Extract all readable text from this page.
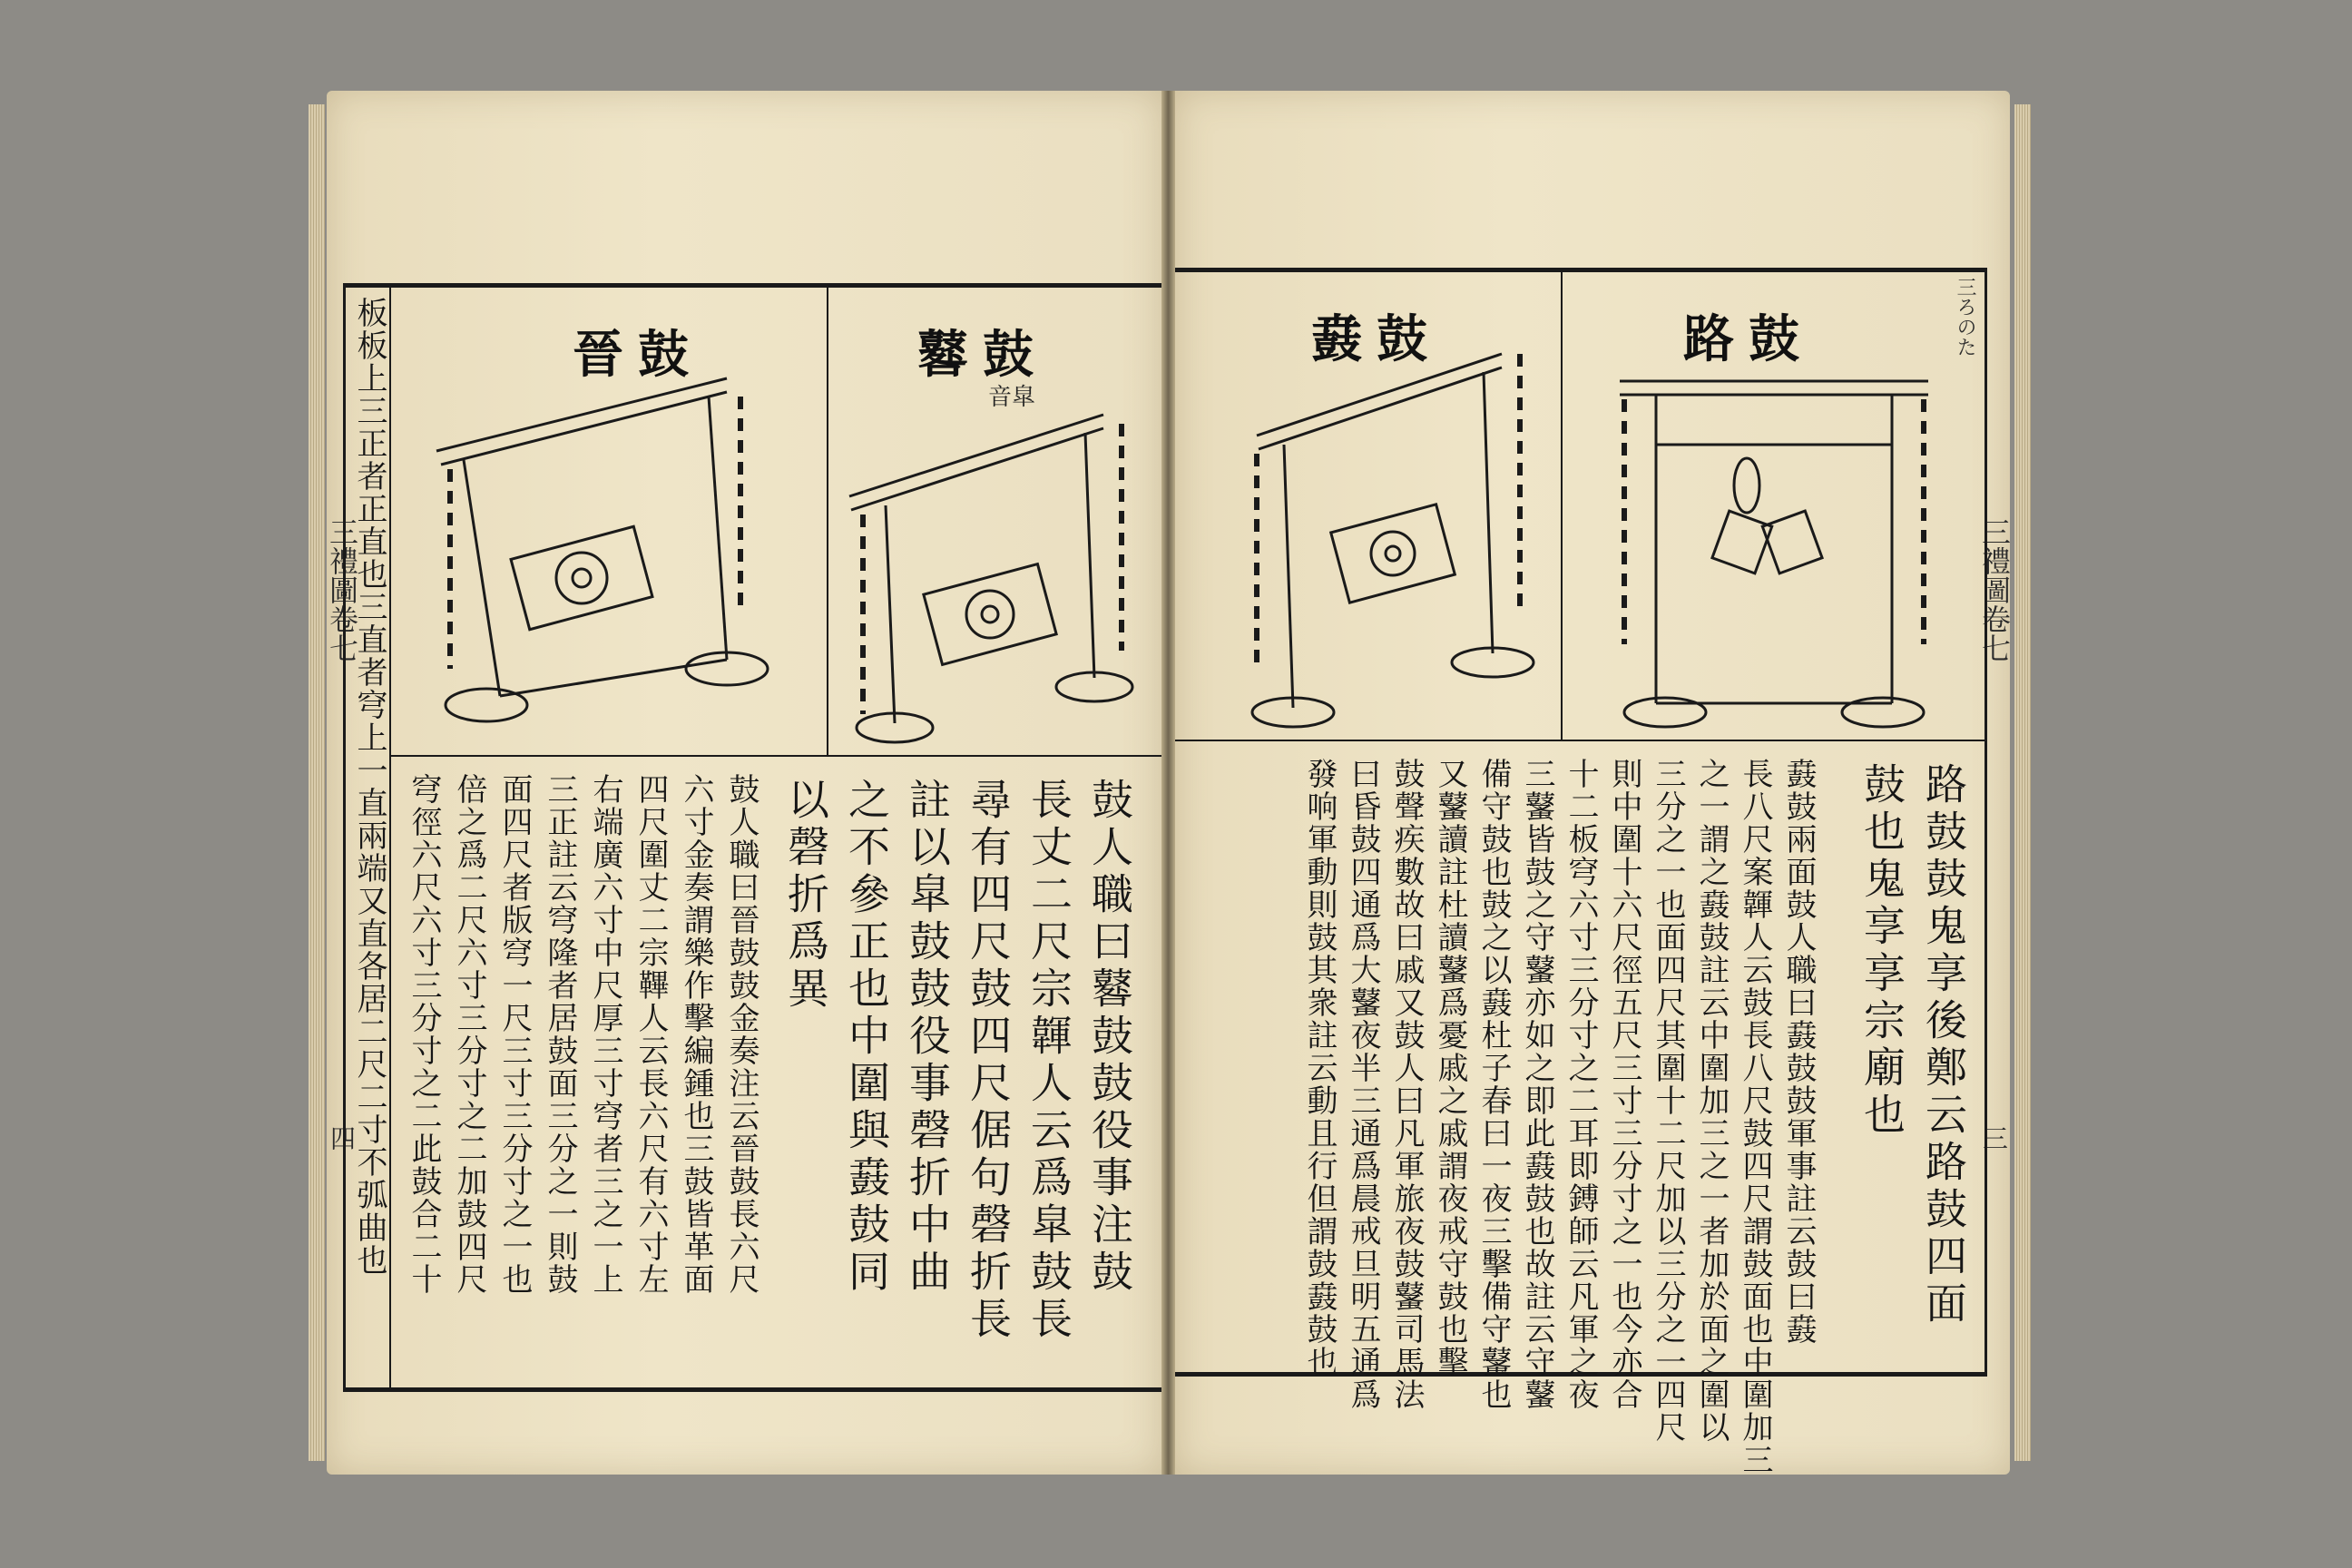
三禮圖卷七
四
晉鼓	鼛鼓
音皐
板板上三正者正直也三直者穹上一直兩端又直各居二尺二寸不弧曲也 穹徑六尺六寸三分寸之二此鼓合二十 倍之爲二尺六寸三分寸之二加鼓四尺 面四尺者版穹一尺三寸三分寸之一也 三正註云穹隆者居鼓面三分之一則鼓 右端廣六寸中尺厚三寸穹者三之一上 四尺圍丈二宗鞸人云長六尺有六寸左 六寸金奏謂樂作擊編鍾也三鼓皆革面 鼓人職曰晉鼓鼓金奏注云晉鼓長六尺 以磬折爲異 之不參正也中圍與鼖鼓同 註以皐鼓鼓役事磬折中曲 尋有四尺鼓四尺倨句磬折長 長丈二尺宗韗人云爲皐鼓長 鼓人職曰鼛鼓鼓役事注鼓
三禮圖卷七
三
三ろのた
鼖鼓	路鼓
路鼓鼓鬼享後鄭云路鼓四面
鼓也鬼享享宗廟也
鼖鼓兩面鼓人職曰鼖鼓鼓軍事註云鼓曰鼖
長八尺案韗人云鼓長八尺鼓四尺謂鼓面也中圍加三
之一謂之鼖鼓註云中圍加三之一者加於面之圍以
三分之一也面四尺其圍十二尺加以三分之一四尺
則中圍十六尺徑五尺三寸三分寸之一也今亦合
十二板穹六寸三分寸之二耳即鎛師云凡軍之夜
三鼜皆鼓之守鼜亦如之即此鼖鼓也故註云守鼜
備守鼓也鼓之以鼖杜子春曰一夜三擊備守鼜也
又鼜讀註杜讀鼜爲憂戚之戚謂夜戒守鼓也擊
鼓聲疾數故曰戚又鼓人曰凡軍旅夜鼓鼜司馬法
曰昏鼓四通爲大鼜夜半三通爲晨戒旦明五通爲
發响軍動則鼓其衆註云動且行但謂鼓鼖鼓也
